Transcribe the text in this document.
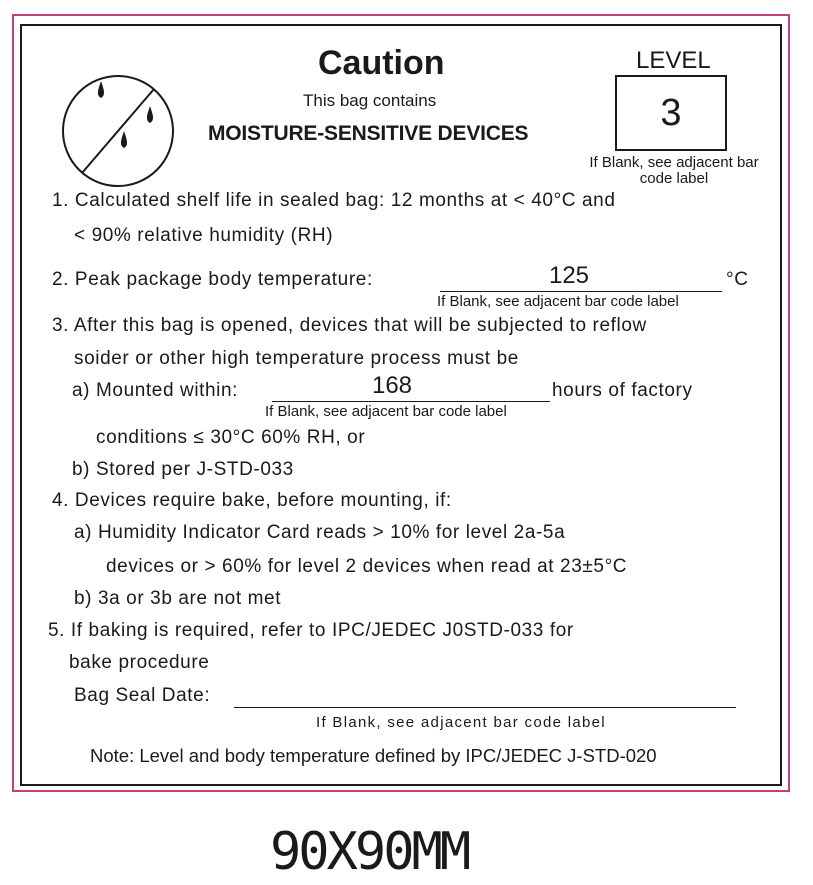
Caution
This bag contains
MOISTURE-SENSITIVE DEVICES
LEVEL
3
If Blank, see adjacent bar code label
1. Calculated shelf life in sealed bag: 12 months at < 40°C and
< 90% relative humidity (RH)
2. Peak package body temperature:	125	°C
If Blank, see adjacent bar code label
3. After this bag is opened, devices that will be subjected to reflow
soider or other high temperature process must be
a) Mounted within:	168	hours of factory
If Blank, see adjacent bar code label
conditions ≤ 30°C 60% RH, or
b) Stored per J-STD-033
4. Devices require bake, before mounting, if:
a) Humidity Indicator Card reads > 10% for level 2a-5a
devices or > 60% for level 2 devices when read at 23±5°C
b) 3a or 3b are not met
5. If baking is required, refer to IPC/JEDEC J0STD-033 for
bake procedure
Bag Seal Date:
If Blank, see adjacent bar code label
Note: Level and body temperature defined by IPC/JEDEC J-STD-020
90X90MM
